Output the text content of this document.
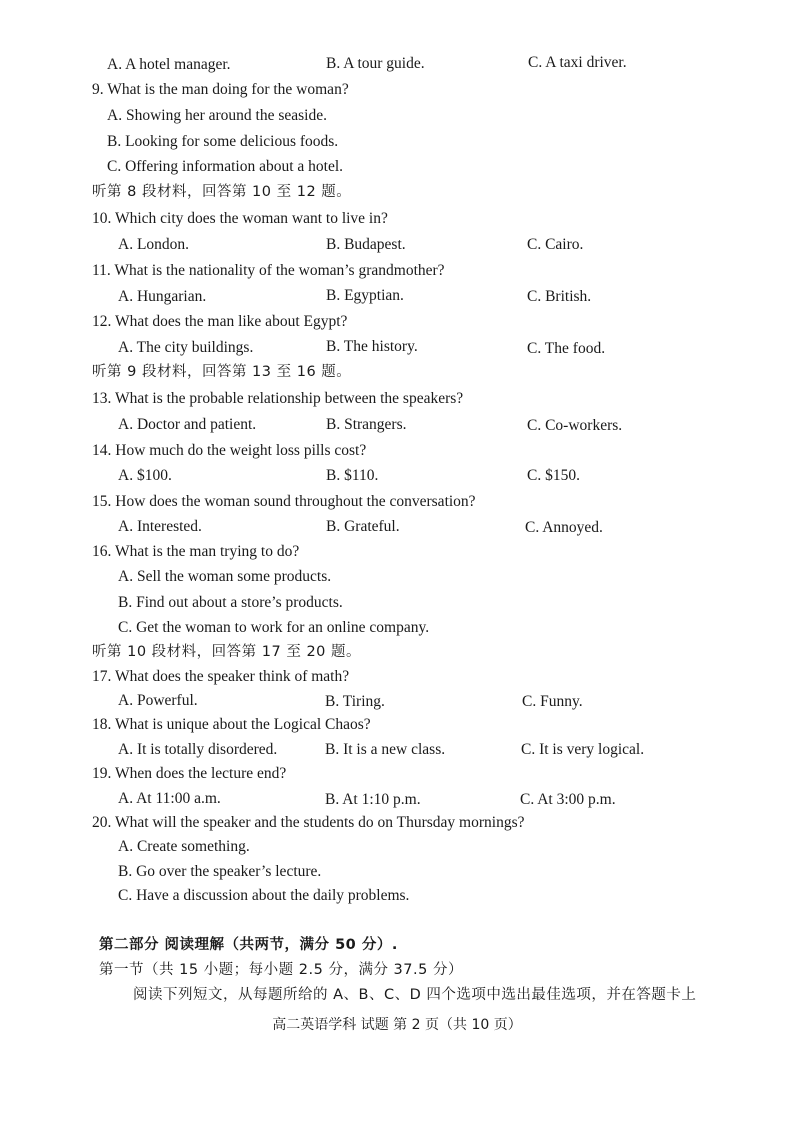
A. A hotel manager.	B. A tour guide.	C. A taxi driver.
9. What is the man doing for the woman?
A. Showing her around the seaside.
B. Looking for some delicious foods.
C. Offering information about a hotel.
听第 8 段材料，回答第 10 至 12 题。
10. Which city does the woman want to live in?
A. London.	B. Budapest.	C. Cairo.
11. What is the nationality of the woman’s grandmother?
A. Hungarian.	B. Egyptian.	C. British.
12. What does the man like about Egypt?
A. The city buildings.	B. The history.	C. The food.
听第 9 段材料，回答第 13 至 16 题。
13. What is the probable relationship between the speakers?
A. Doctor and patient.	B. Strangers.	C. Co-workers.
14. How much do the weight loss pills cost?
A. $100.	B. $110.	C. $150.
15. How does the woman sound throughout the conversation?
A. Interested.	B. Grateful.	C. Annoyed.
16. What is the man trying to do?
A. Sell the woman some products.
B. Find out about a store’s products.
C. Get the woman to work for an online company.
听第 10 段材料，回答第 17 至 20 题。
17. What does the speaker think of math?
A. Powerful.	B. Tiring.	C. Funny.
18. What is unique about the Logical Chaos?
A. It is totally disordered.	B. It is a new class.	C. It is very logical.
19. When does the lecture end?
A. At 11:00 a.m.	B. At 1:10 p.m.	C. At 3:00 p.m.
20. What will the speaker and the students do on Thursday mornings?
A. Create something.
B. Go over the speaker’s lecture.
C. Have a discussion about the daily problems.
第二部分 阅读理解（共两节，满分 50 分）.
第一节（共 15 小题；每小题 2.5 分，满分 37.5 分）
阅读下列短文，从每题所给的 A、B、C、D 四个选项中选出最佳选项，并在答题卡上
高二英语学科 试题 第 2 页（共 10 页）
